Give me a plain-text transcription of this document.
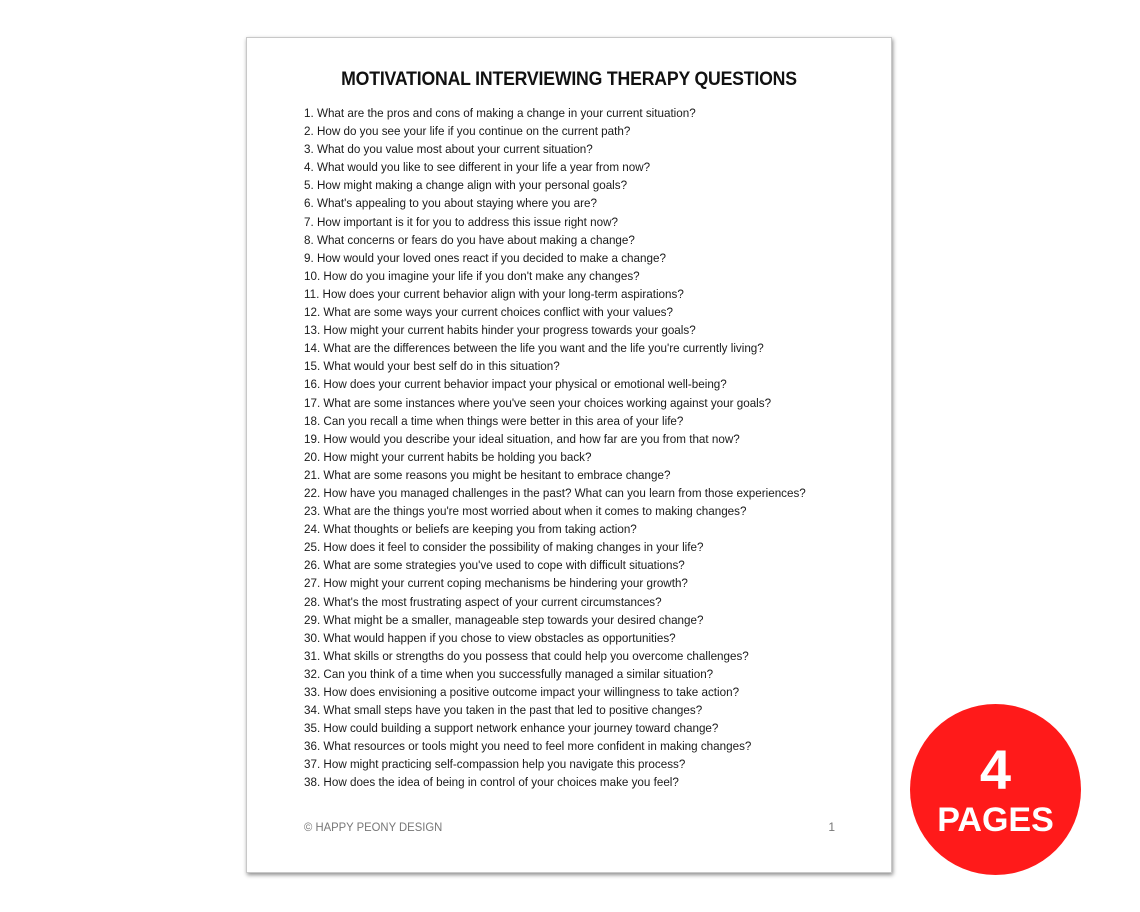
MOTIVATIONAL INTERVIEWING THERAPY QUESTIONS
1. What are the pros and cons of making a change in your current situation?
2. How do you see your life if you continue on the current path?
3. What do you value most about your current situation?
4. What would you like to see different in your life a year from now?
5. How might making a change align with your personal goals?
6. What's appealing to you about staying where you are?
7. How important is it for you to address this issue right now?
8. What concerns or fears do you have about making a change?
9. How would your loved ones react if you decided to make a change?
10. How do you imagine your life if you don't make any changes?
11. How does your current behavior align with your long-term aspirations?
12. What are some ways your current choices conflict with your values?
13. How might your current habits hinder your progress towards your goals?
14. What are the differences between the life you want and the life you're currently living?
15. What would your best self do in this situation?
16. How does your current behavior impact your physical or emotional well-being?
17. What are some instances where you've seen your choices working against your goals?
18. Can you recall a time when things were better in this area of your life?
19. How would you describe your ideal situation, and how far are you from that now?
20. How might your current habits be holding you back?
21. What are some reasons you might be hesitant to embrace change?
22. How have you managed challenges in the past? What can you learn from those experiences?
23. What are the things you're most worried about when it comes to making changes?
24. What thoughts or beliefs are keeping you from taking action?
25. How does it feel to consider the possibility of making changes in your life?
26. What are some strategies you've used to cope with difficult situations?
27. How might your current coping mechanisms be hindering your growth?
28. What's the most frustrating aspect of your current circumstances?
29. What might be a smaller, manageable step towards your desired change?
30. What would happen if you chose to view obstacles as opportunities?
31. What skills or strengths do you possess that could help you overcome challenges?
32. Can you think of a time when you successfully managed a similar situation?
33. How does envisioning a positive outcome impact your willingness to take action?
34. What small steps have you taken in the past that led to positive changes?
35. How could building a support network enhance your journey toward change?
36. What resources or tools might you need to feel more confident in making changes?
37. How might practicing self-compassion help you navigate this process?
38. How does the idea of being in control of your choices make you feel?
© HAPPY PEONY DESIGN	1
4
PAGES
